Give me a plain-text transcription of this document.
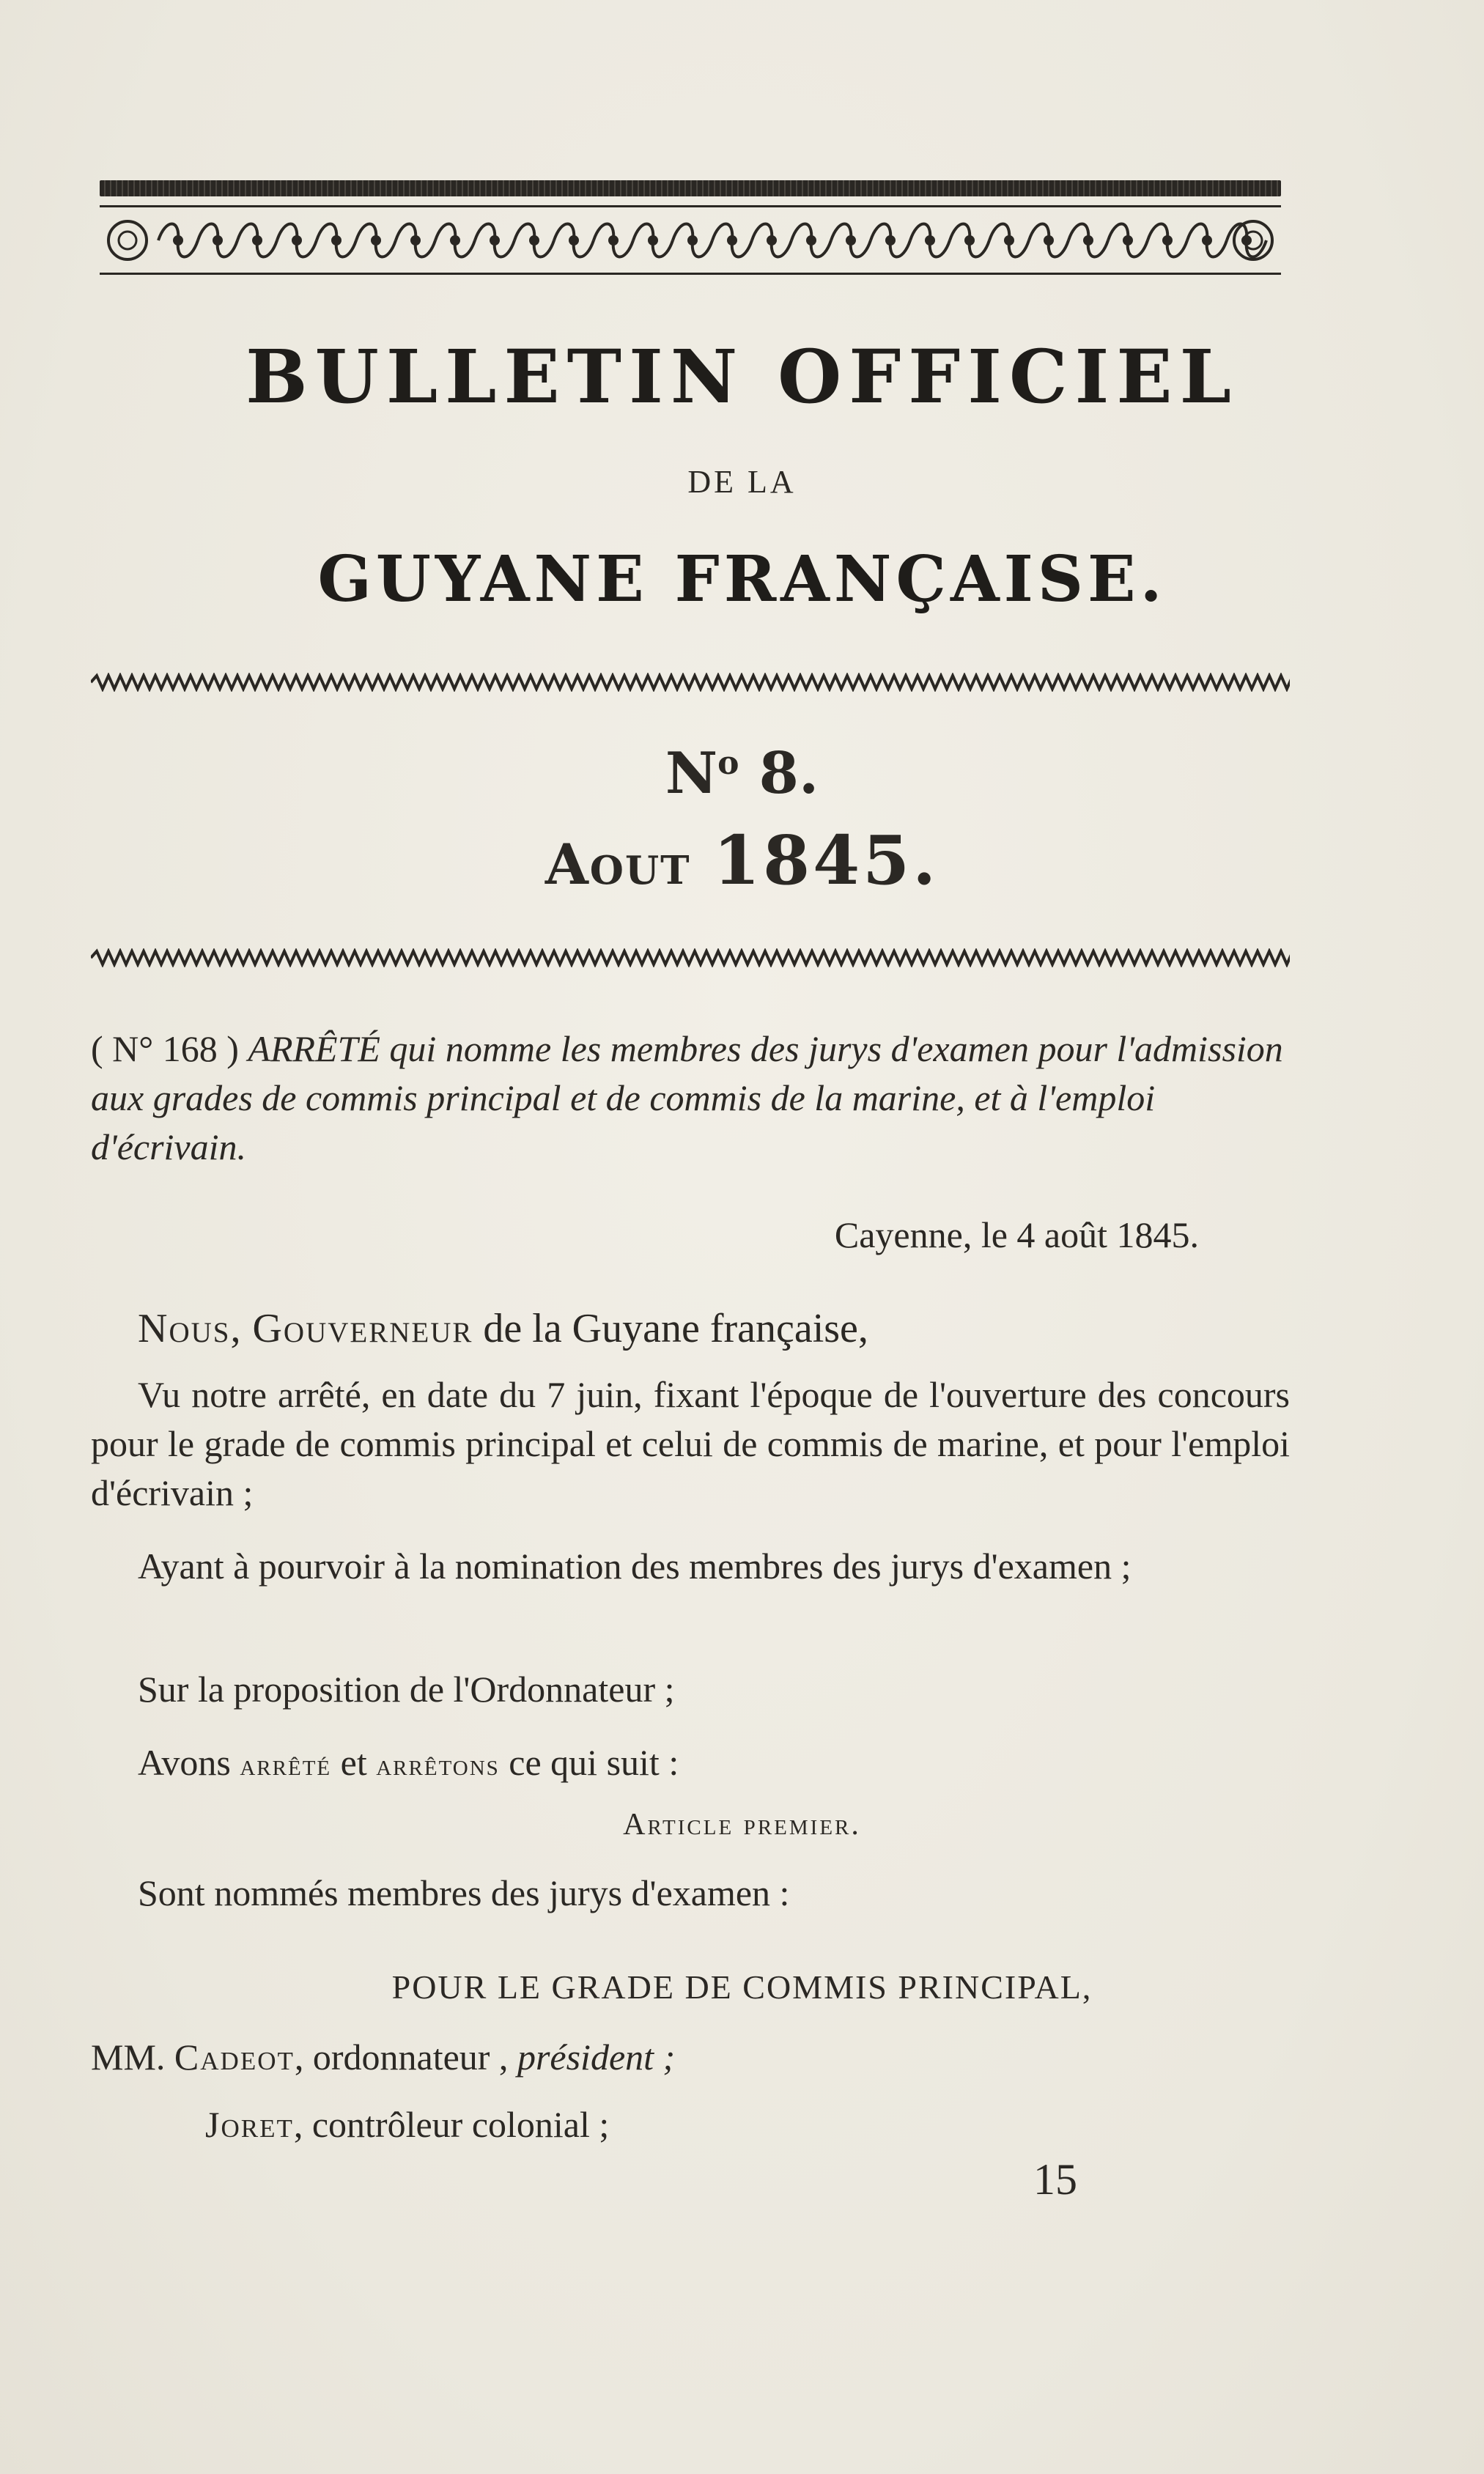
BULLETIN OFFICIEL
DE LA
GUYANE FRANÇAISE.
$N^o$ 8.
Aout 1845.
( N° 168 ) ARRÊTÉ qui nomme les membres des jurys d'examen pour l'admission aux grades de commis principal et de commis de la marine, et à l'emploi d'écrivain.
Cayenne, le 4 août 1845.
Nous, Gouverneur de la Guyane française,
Vu notre arrêté, en date du 7 juin, fixant l'époque de l'ouverture des concours pour le grade de commis principal et celui de commis de marine, et pour l'emploi d'écrivain ;
Ayant à pourvoir à la nomination des membres des jurys d'examen ;
Sur la proposition de l'Ordonnateur ;
Avons arrêté et arrêtons ce qui suit :
Article premier.
Sont nommés membres des jurys d'examen :
POUR LE GRADE DE COMMIS PRINCIPAL,
MM. Cadeot, ordonnateur , président ;
Joret, contrôleur colonial ;
15
